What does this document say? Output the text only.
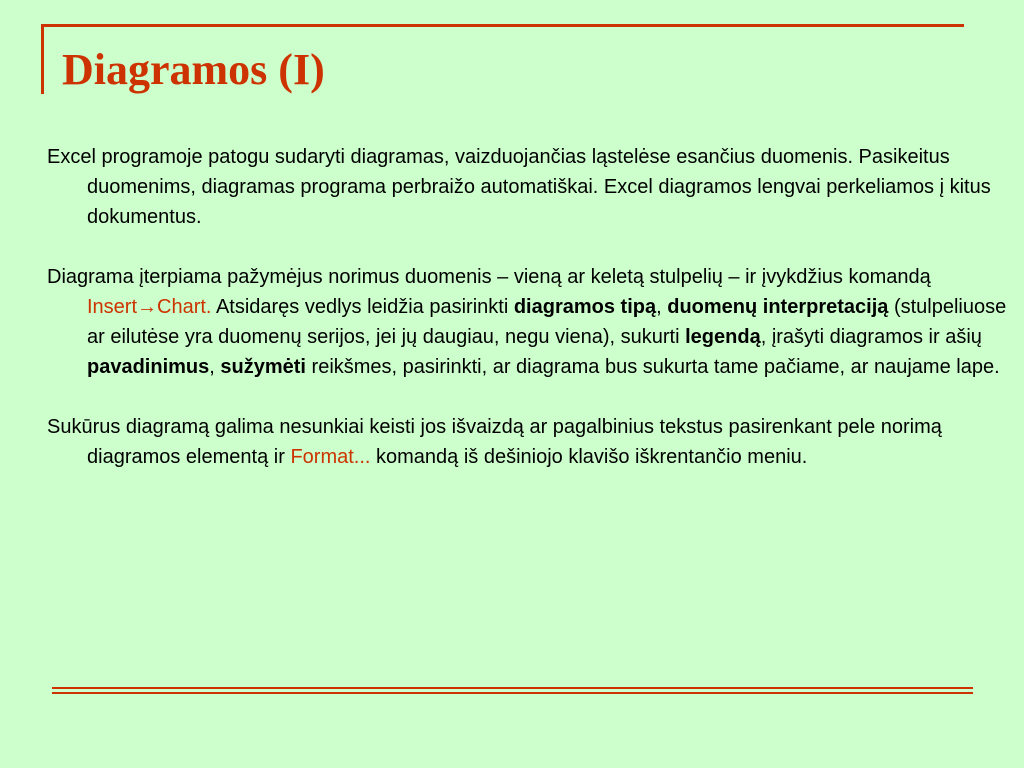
Diagramos (I)

Excel programoje patogu sudaryti diagramas, vaizduojančias ląstelėse esančius duomenis. Pasikeitus duomenims, diagramas programa perbraižo automatiškai. Excel diagramos lengvai perkeliamos į kitus dokumentus.

Diagrama įterpiama pažymėjus norimus duomenis – vieną ar keletą stulpelių – ir įvykdžius komandą Insert→Chart. Atsidaręs vedlys leidžia pasirinkti diagramos tipą, duomenų interpretaciją (stulpeliuose ar eilutėse yra duomenų serijos, jei jų daugiau, negu viena), sukurti legendą, įrašyti diagramos ir ašių pavadinimus, sužymėti reikšmes, pasirinkti, ar diagrama bus sukurta tame pačiame, ar naujame lape.

Sukūrus diagramą galima nesunkiai keisti jos išvaizdą ar pagalbinius tekstus pasirenkant pele norimą diagramos elementą ir Format... komandą iš dešiniojo klavišo iškrentančio meniu.
